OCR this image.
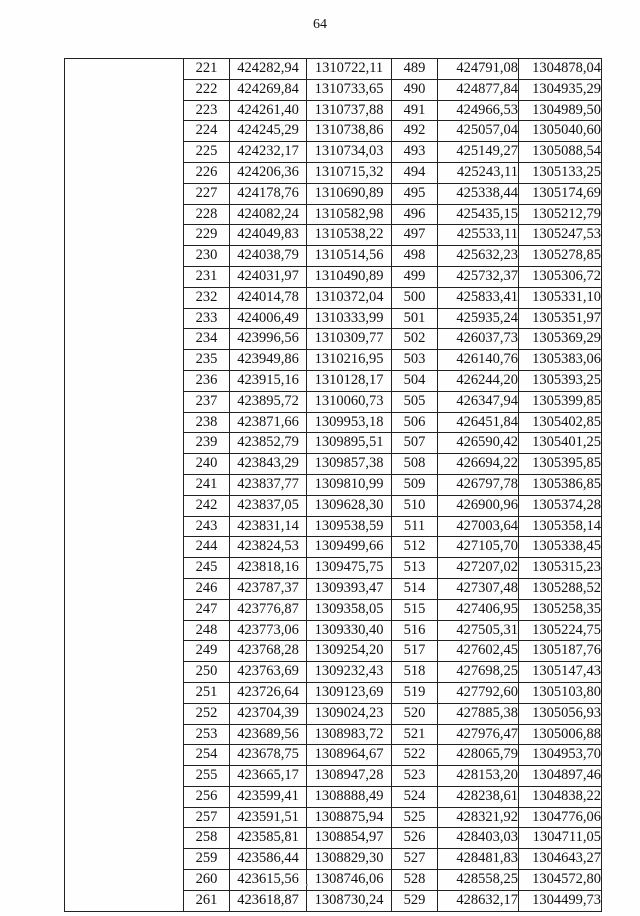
64
	221	424282,94	1310722,11	489	424791,08	1304878,04
	222	424269,84	1310733,65	490	424877,84	1304935,29
	223	424261,40	1310737,88	491	424966,53	1304989,50
	224	424245,29	1310738,86	492	425057,04	1305040,60
	225	424232,17	1310734,03	493	425149,27	1305088,54
	226	424206,36	1310715,32	494	425243,11	1305133,25
	227	424178,76	1310690,89	495	425338,44	1305174,69
	228	424082,24	1310582,98	496	425435,15	1305212,79
	229	424049,83	1310538,22	497	425533,11	1305247,53
	230	424038,79	1310514,56	498	425632,23	1305278,85
	231	424031,97	1310490,89	499	425732,37	1305306,72
	232	424014,78	1310372,04	500	425833,41	1305331,10
	233	424006,49	1310333,99	501	425935,24	1305351,97
	234	423996,56	1310309,77	502	426037,73	1305369,29
	235	423949,86	1310216,95	503	426140,76	1305383,06
	236	423915,16	1310128,17	504	426244,20	1305393,25
	237	423895,72	1310060,73	505	426347,94	1305399,85
	238	423871,66	1309953,18	506	426451,84	1305402,85
	239	423852,79	1309895,51	507	426590,42	1305401,25
	240	423843,29	1309857,38	508	426694,22	1305395,85
	241	423837,77	1309810,99	509	426797,78	1305386,85
	242	423837,05	1309628,30	510	426900,96	1305374,28
	243	423831,14	1309538,59	511	427003,64	1305358,14
	244	423824,53	1309499,66	512	427105,70	1305338,45
	245	423818,16	1309475,75	513	427207,02	1305315,23
	246	423787,37	1309393,47	514	427307,48	1305288,52
	247	423776,87	1309358,05	515	427406,95	1305258,35
	248	423773,06	1309330,40	516	427505,31	1305224,75
	249	423768,28	1309254,20	517	427602,45	1305187,76
	250	423763,69	1309232,43	518	427698,25	1305147,43
	251	423726,64	1309123,69	519	427792,60	1305103,80
	252	423704,39	1309024,23	520	427885,38	1305056,93
	253	423689,56	1308983,72	521	427976,47	1305006,88
	254	423678,75	1308964,67	522	428065,79	1304953,70
	255	423665,17	1308947,28	523	428153,20	1304897,46
	256	423599,41	1308888,49	524	428238,61	1304838,22
	257	423591,51	1308875,94	525	428321,92	1304776,06
	258	423585,81	1308854,97	526	428403,03	1304711,05
	259	423586,44	1308829,30	527	428481,83	1304643,27
	260	423615,56	1308746,06	528	428558,25	1304572,80
	261	423618,87	1308730,24	529	428632,17	1304499,73
